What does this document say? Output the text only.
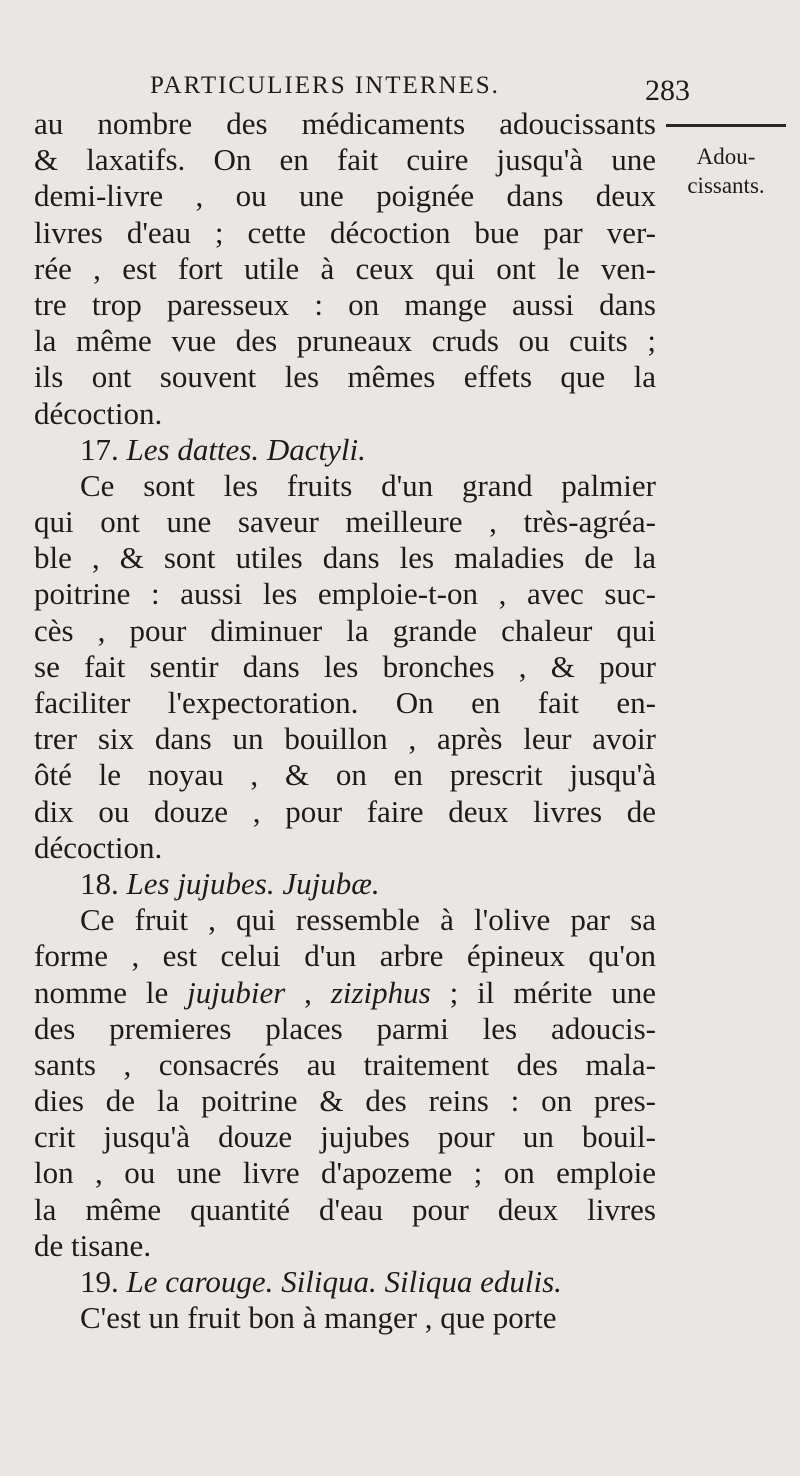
PARTICULIERS INTERNES.	283
Adou-
cissants.
au nombre des médicaments adoucissants
& laxatifs. On en fait cuire jusqu'à une
demi-livre , ou une poignée dans deux
livres d'eau ; cette décoction bue par ver-
rée , est fort utile à ceux qui ont le ven-
tre trop paresseux : on mange aussi dans
la même vue des pruneaux cruds ou cuits ;
ils ont souvent les mêmes effets que la
décoction.
17. Les dattes. Dactyli.
Ce sont les fruits d'un grand palmier
qui ont une saveur meilleure , très-agréa-
ble , & sont utiles dans les maladies de la
poitrine : aussi les emploie-t-on , avec suc-
cès , pour diminuer la grande chaleur qui
se fait sentir dans les bronches , & pour
faciliter l'expectoration. On en fait en-
trer six dans un bouillon , après leur avoir
ôté le noyau , & on en prescrit jusqu'à
dix ou douze , pour faire deux livres de
décoction.
18. Les jujubes. Jujubæ.
Ce fruit , qui ressemble à l'olive par sa
forme , est celui d'un arbre épineux qu'on
nomme le jujubier , ziziphus ; il mérite une
des premieres places parmi les adoucis-
sants , consacrés au traitement des mala-
dies de la poitrine & des reins : on pres-
crit jusqu'à douze jujubes pour un bouil-
lon , ou une livre d'apozeme ; on emploie
la même quantité d'eau pour deux livres
de tisane.
19. Le carouge. Siliqua. Siliqua edulis.
C'est un fruit bon à manger , que porte
